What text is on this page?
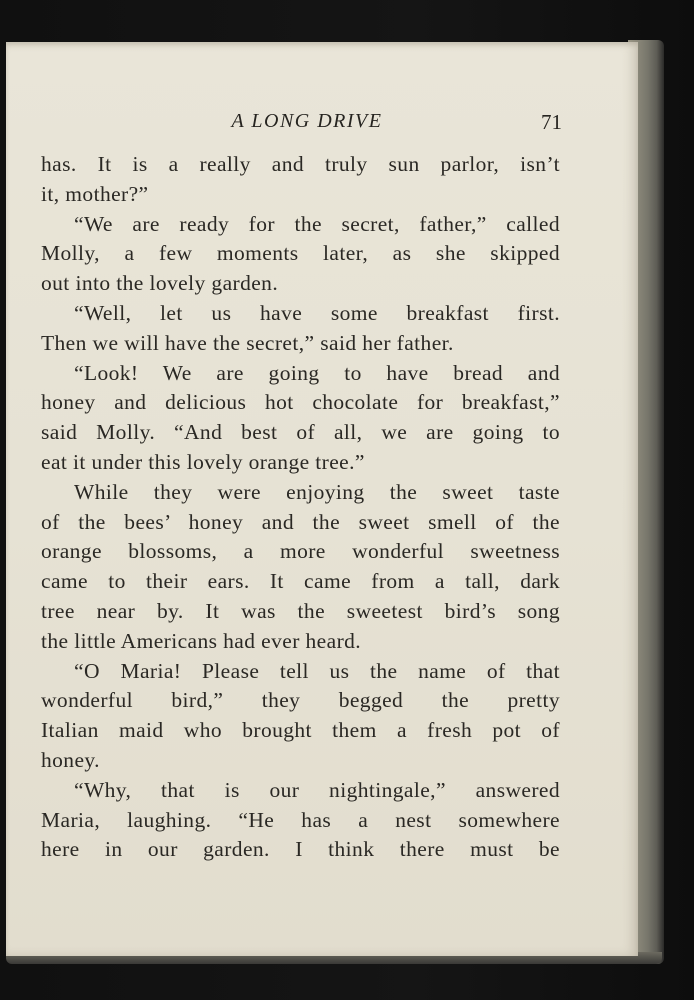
A LONG DRIVE	71
has. It is a really and truly sun parlor, isn’t
it, mother?”
“We are ready for the secret, father,” called
Molly, a few moments later, as she skipped
out into the lovely garden.
“Well, let us have some breakfast first.
Then we will have the secret,” said her father.
“Look! We are going to have bread and
honey and delicious hot chocolate for breakfast,”
said Molly. “And best of all, we are going to
eat it under this lovely orange tree.”
While they were enjoying the sweet taste
of the bees’ honey and the sweet smell of the
orange blossoms, a more wonderful sweetness
came to their ears. It came from a tall, dark
tree near by. It was the sweetest bird’s song
the little Americans had ever heard.
“O Maria! Please tell us the name of that
wonderful bird,” they begged the pretty
Italian maid who brought them a fresh pot of
honey.
“Why, that is our nightingale,” answered
Maria, laughing. “He has a nest somewhere
here in our garden. I think there must be
